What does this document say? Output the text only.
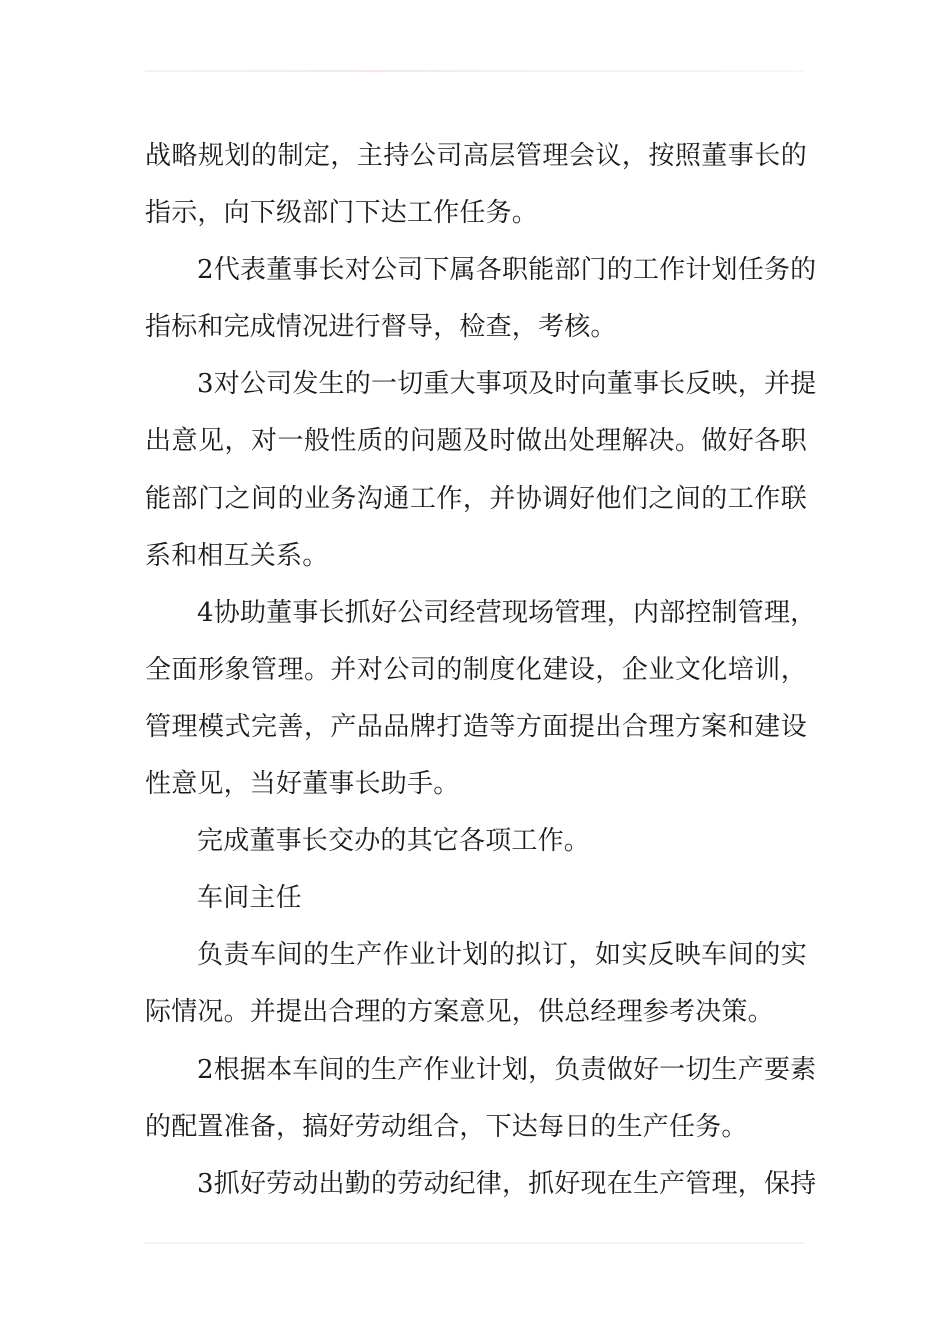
战略规划的制定，主持公司高层管理会议，按照董事长的
指示，向下级部门下达工作任务。
2代表董事长对公司下属各职能部门的工作计划任务的
指标和完成情况进行督导，检查，考核。
3对公司发生的一切重大事项及时向董事长反映，并提
出意见，对一般性质的问题及时做出处理解决。做好各职
能部门之间的业务沟通工作，并协调好他们之间的工作联
系和相互关系。
4协助董事长抓好公司经营现场管理，内部控制管理，
全面形象管理。并对公司的制度化建设，企业文化培训，
管理模式完善，产品品牌打造等方面提出合理方案和建设
性意见，当好董事长助手。
完成董事长交办的其它各项工作。
车间主任
负责车间的生产作业计划的拟订，如实反映车间的实
际情况。并提出合理的方案意见，供总经理参考决策。
2根据本车间的生产作业计划，负责做好一切生产要素
的配置准备，搞好劳动组合，下达每日的生产任务。
3抓好劳动出勤的劳动纪律，抓好现在生产管理，保持
